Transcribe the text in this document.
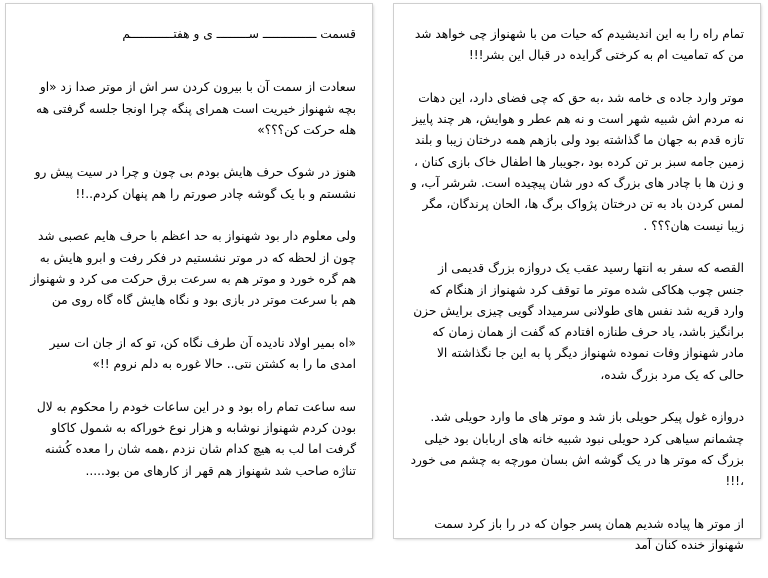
قسمت ـــــــــــــــ ســـــــــ ی و هفتــــــــــــم

سعادت از سمت آن با بیرون کردن سر اش از موتر صدا زد «او بچه شهنواز خیریت است همرای پنگه چرا اونجا جلسه گرفتی هه هله حرکت کن؟؟؟»

هنوز در شوک حرف هایش بودم بی چون و چرا در سیت پیش رو نشستم و با یک گوشه چادر صورتم را هم پنهان کردم..!!

ولی معلوم دار بود شهنواز به حد اعظم با حرف هایم عصبی شد چون از لحظه که در موتر نشستیم در فکر رفت و ابرو هایش به هم گره خورد و موتر هم به سرعت برق حرکت می کرد و شهنواز هم با سرعت موتر در بازی بود و نگاه هایش گاه گاه روی من

«اه بمیر اولاد نادیده آن طرف نگاه کن، تو که از جان ات سیر امدی ما را به کشتن نتی.. حالا غوره به دلم نروم !!»

سه ساعت تمام راه بود و در این ساعات خودم را محکوم به لال بودن کردم شهنواز نوشابه و هزار نوع خوراکه به شمول کاکاو گرفت اما لب به هیچ کدام شان نزدم ،همه شان را معده کُشنه تناژه صاحب شد شهنواز هم قهر از کارهای من بود.....

تمام راه را به این اندیشیدم که حیات من با شهنواز چی خواهد شد من که تمامیت ام به کرختی گرایده در قبال این بشر!!!

موتر وارد جاده ی خامه شد ،به حق که چی فضای دارد، این دهات نه مردم اش شبیه شهر است و نه هم عطر و هوایش، هر چند پاییز تازه قدم به جهان ما گذاشته بود ولی بازهم همه درختان زیبا و بلند زمین جامه سبز بر تن کرده بود ،جویبار ها اطفال خاک بازی کنان ، و زن ها با چادر های بزرگ که دور شان پیچیده است. شرشر آب، و لمس کردن باد به تن درختان پژواک برگ ها، الحان پرندگان، مگر زیبا نیست هان؟؟؟ .

القصه که سفر به انتها رسید عقب یک دروازه بزرگ قدیمی از جنس چوب هکاکی شده موتر ما توقف کرد شهنواز از هنگام که وارد قریه شد نفس های طولانی سرمیداد گویی چیزی برایش حزن برانگیز باشد، یاد حرف طنازه افتادم که گفت از همان زمان که مادر شهنواز وفات نموده شهنواز دیگر پا به این جا نگذاشته الا حالی که یک مرد بزرگ شده،

دروازه غول پیکر حویلی باز شد و موتر های ما وارد حویلی شد. چشمانم سیاهی کرد حویلی نبود شبیه خانه های اربابان بود خیلی بزرگ که موتر ها در یک گوشه اش بسان مورچه به چشم می خورد ،!!!

از موتر ها پیاده شدیم همان پسر جوان که در را باز کرد سمت شهنواز خنده کنان آمد
